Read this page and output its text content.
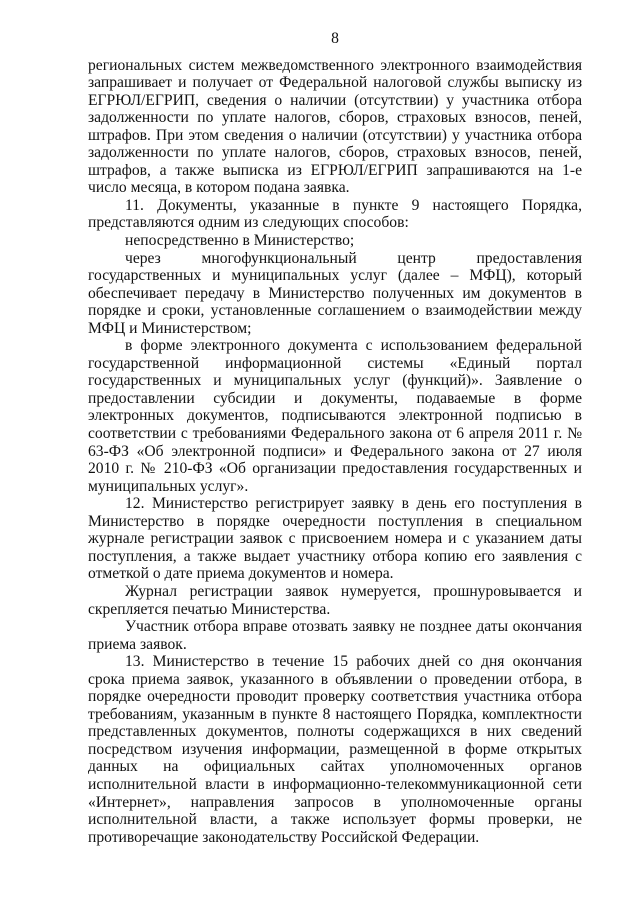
8

региональных систем межведомственного электронного взаимодействия запрашивает и получает от Федеральной налоговой службы выписку из ЕГРЮЛ/ЕГРИП, сведения о наличии (отсутствии) у участника отбора задолженности по уплате налогов, сборов, страховых взносов, пеней, штрафов. При этом сведения о наличии (отсутствии) у участника отбора задолженности по уплате налогов, сборов, страховых взносов, пеней, штрафов, а также выписка из ЕГРЮЛ/ЕГРИП запрашиваются на 1-е число месяца, в котором подана заявка.

11. Документы, указанные в пункте 9 настоящего Порядка, представляются одним из следующих способов:

непосредственно в Министерство;

через многофункциональный центр предоставления государственных и муниципальных услуг (далее – МФЦ), который обеспечивает передачу в Министерство полученных им документов в порядке и сроки, установленные соглашением о взаимодействии между МФЦ и Министерством;

в форме электронного документа с использованием федеральной государственной информационной системы «Единый портал государственных и муниципальных услуг (функций)». Заявление о предоставлении субсидии и документы, подаваемые в форме электронных документов, подписываются электронной подписью в соответствии с требованиями Федерального закона от 6 апреля 2011 г. № 63-ФЗ «Об электронной подписи» и Федерального закона от 27 июля 2010 г. № 210-ФЗ «Об организации предоставления государственных и муниципальных услуг».

12. Министерство регистрирует заявку в день его поступления в Министерство в порядке очередности поступления в специальном журнале регистрации заявок с присвоением номера и с указанием даты поступления, а также выдает участнику отбора копию его заявления с отметкой о дате приема документов и номера.

Журнал регистрации заявок нумеруется, прошнуровывается и скрепляется печатью Министерства.

Участник отбора вправе отозвать заявку не позднее даты окончания приема заявок.

13. Министерство в течение 15 рабочих дней со дня окончания срока приема заявок, указанного в объявлении о проведении отбора, в порядке очередности проводит проверку соответствия участника отбора требованиям, указанным в пункте 8 настоящего Порядка, комплектности представленных документов, полноты содержащихся в них сведений посредством изучения информации, размещенной в форме открытых данных на официальных сайтах уполномоченных органов исполнительной власти в информационно-телекоммуникационной сети «Интернет», направления запросов в уполномоченные органы исполнительной власти, а также использует формы проверки, не противоречащие законодательству Российской Федерации.
